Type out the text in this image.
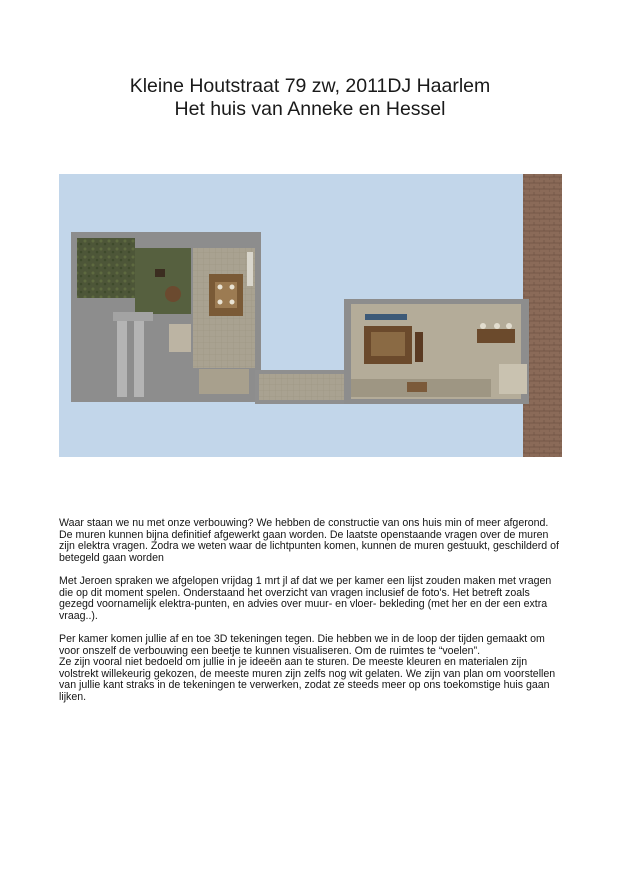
Kleine Houtstraat 79 zw, 2011DJ Haarlem
Het huis van Anneke en Hessel

Waar staan we nu met onze verbouwing? We hebben de constructie van ons huis min of meer afgerond.
De muren kunnen bijna definitief afgewerkt gaan worden. De laatste openstaande vragen over de muren zijn elektra vragen. Zodra we weten waar de lichtpunten komen, kunnen de muren gestuukt, geschilderd of betegeld gaan worden

Met Jeroen spraken we afgelopen vrijdag 1 mrt jl af dat we per kamer een lijst zouden maken met vragen die op dit moment spelen. Onderstaand het overzicht van vragen inclusief de foto's. Het betreft zoals gezegd voornamelijk elektra-punten, en advies over muur- en vloer- bekleding (met her en der een extra vraag..).

Per kamer komen jullie af en toe 3D tekeningen tegen. Die hebben we in de loop der tijden gemaakt om voor onszelf de verbouwing een beetje te kunnen visualiseren. Om de ruimtes te “voelen”.
Ze zijn vooral niet bedoeld om jullie in je ideeën aan te sturen. De meeste kleuren en materialen zijn volstrekt willekeurig gekozen, de meeste muren zijn zelfs nog wit gelaten. We zijn van plan om voorstellen van jullie kant straks in de tekeningen te verwerken, zodat ze steeds meer op ons toekomstige huis gaan lijken.
